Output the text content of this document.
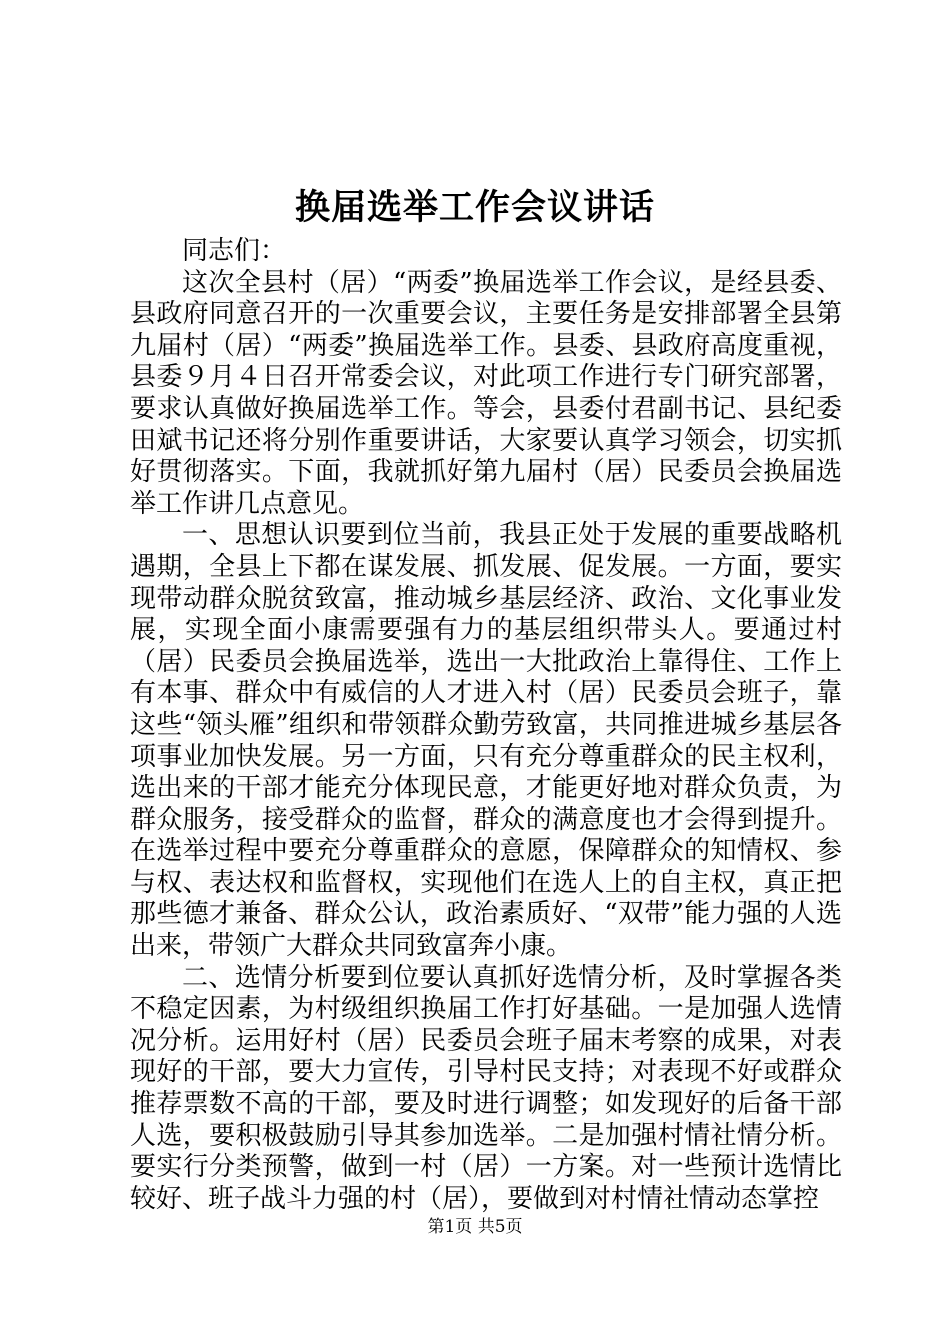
换届选举工作会议讲话

同志们：

这次全县村（居）“两委”换届选举工作会议，是经县委、县政府同意召开的一次重要会议，主要任务是安排部署全县第九届村（居）“两委”换届选举工作。县委、县政府高度重视，县委９月４日召开常委会议，对此项工作进行专门研究部署，要求认真做好换届选举工作。等会，县委付君副书记、县纪委田斌书记还将分别作重要讲话，大家要认真学习领会，切实抓好贯彻落实。下面，我就抓好第九届村（居）民委员会换届选举工作讲几点意见。

一、思想认识要到位当前，我县正处于发展的重要战略机遇期，全县上下都在谋发展、抓发展、促发展。一方面，要实现带动群众脱贫致富，推动城乡基层经济、政治、文化事业发展，实现全面小康需要强有力的基层组织带头人。要通过村（居）民委员会换届选举，选出一大批政治上靠得住、工作上有本事、群众中有威信的人才进入村（居）民委员会班子，靠这些“领头雁”组织和带领群众勤劳致富，共同推进城乡基层各项事业加快发展。另一方面，只有充分尊重群众的民主权利，选出来的干部才能充分体现民意，才能更好地对群众负责，为群众服务，接受群众的监督，群众的满意度也才会得到提升。在选举过程中要充分尊重群众的意愿，保障群众的知情权、参与权、表达权和监督权，实现他们在选人上的自主权，真正把那些德才兼备、群众公认，政治素质好、“双带”能力强的人选出来，带领广大群众共同致富奔小康。

二、选情分析要到位要认真抓好选情分析，及时掌握各类不稳定因素，为村级组织换届工作打好基础。一是加强人选情况分析。运用好村（居）民委员会班子届末考察的成果，对表现好的干部，要大力宣传，引导村民支持；对表现不好或群众推荐票数不高的干部，要及时进行调整；如发现好的后备干部人选，要积极鼓励引导其参加选举。二是加强村情社情分析。要实行分类预警，做到一村（居）一方案。对一些预计选情比较好、班子战斗力强的村（居），要做到对村情社情动态掌控

第1页 共5页
